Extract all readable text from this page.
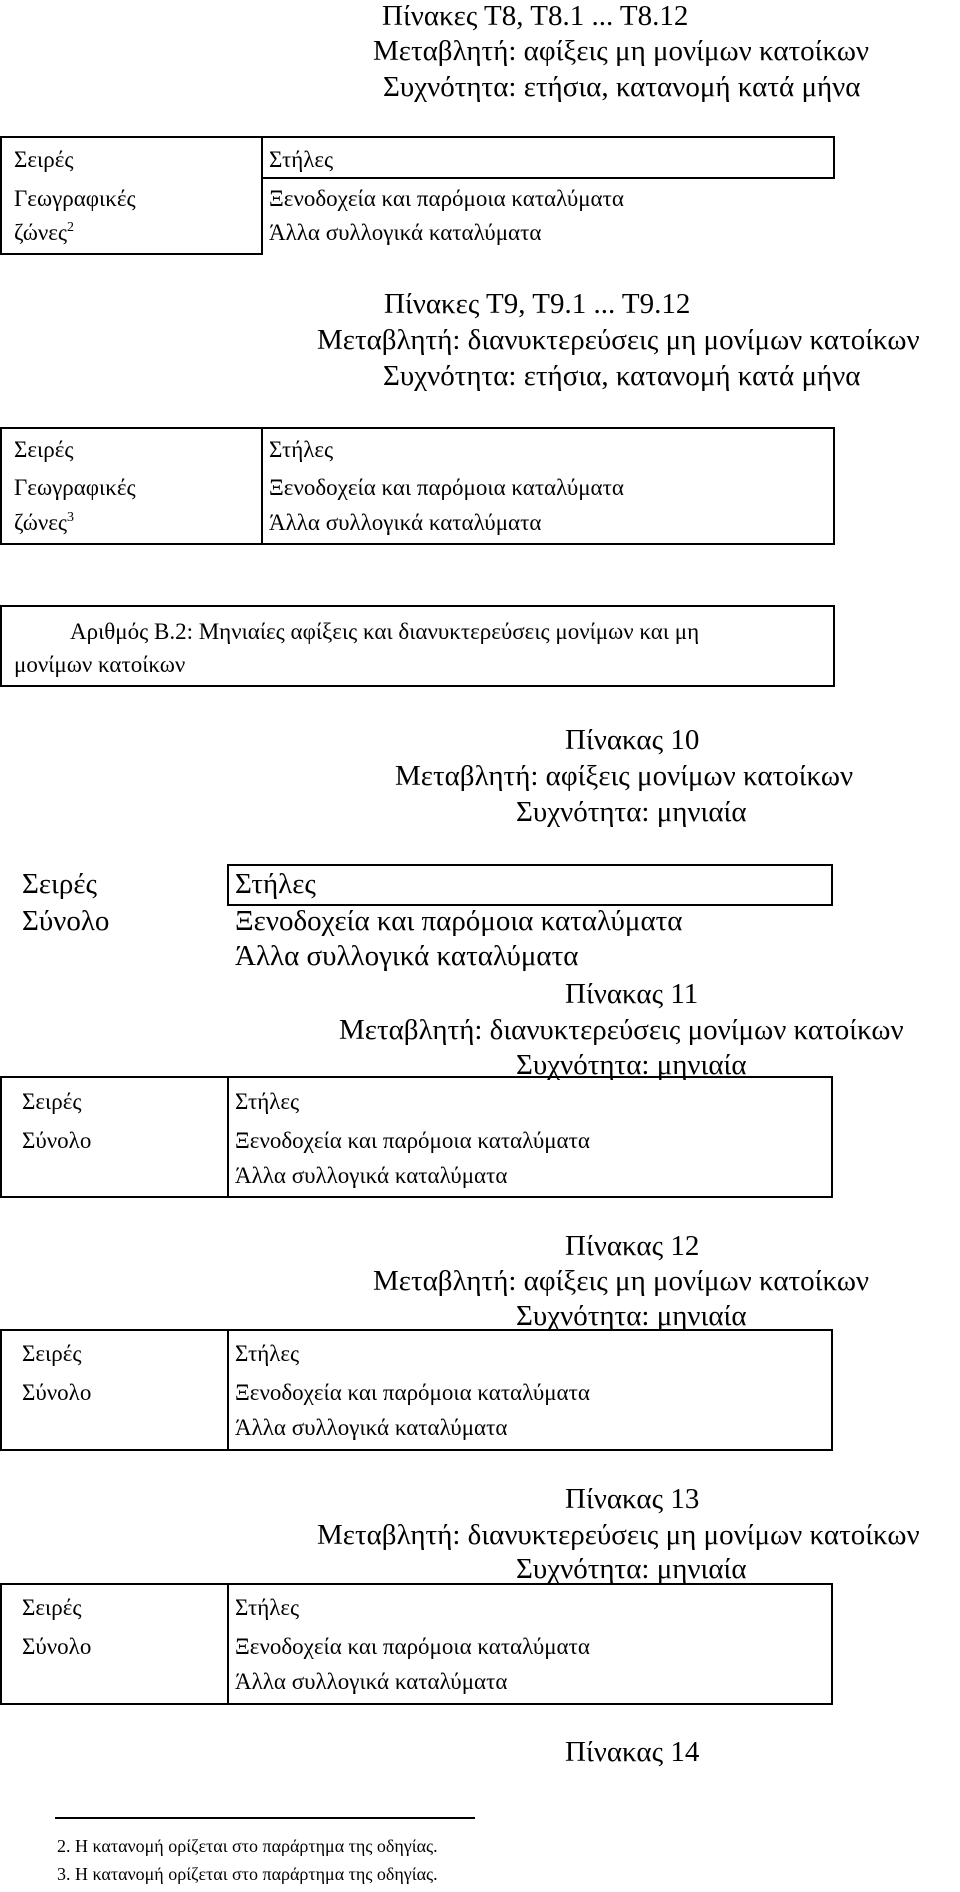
Πίνακες Τ8, Τ8.1 ... Τ8.12
Μεταβλητή: αφίξεις μη μονίμων κατοίκων
Συχνότητα: ετήσια, κατανομή κατά μήνα
Σειρές
Γεωγραφικές
ζώνες$^2$
Στήλες
Ξενοδοχεία και παρόμοια καταλύματα
Άλλα συλλογικά καταλύματα
Πίνακες Τ9, Τ9.1 ... Τ9.12
Μεταβλητή: διανυκτερεύσεις μη μονίμων κατοίκων
Συχνότητα: ετήσια, κατανομή κατά μήνα
Σειρές
Γεωγραφικές
ζώνες$^3$
Στήλες
Ξενοδοχεία και παρόμοια καταλύματα
Άλλα συλλογικά καταλύματα
Αριθμός Β.2: Μηνιαίες αφίξεις και διανυκτερεύσεις μονίμων και μη
μονίμων κατοίκων
Πίνακας 10
Μεταβλητή: αφίξεις μονίμων κατοίκων
Συχνότητα: μηνιαία
Σειρές
Σύνολο
Στήλες
Ξενοδοχεία και παρόμοια καταλύματα
Άλλα συλλογικά καταλύματα
Πίνακας 11
Μεταβλητή: διανυκτερεύσεις μονίμων κατοίκων
Συχνότητα: μηνιαία
Σειρές
Σύνολο
Στήλες
Ξενοδοχεία και παρόμοια καταλύματα
Άλλα συλλογικά καταλύματα
Πίνακας 12
Μεταβλητή: αφίξεις μη μονίμων κατοίκων
Συχνότητα: μηνιαία
Σειρές
Σύνολο
Στήλες
Ξενοδοχεία και παρόμοια καταλύματα
Άλλα συλλογικά καταλύματα
Πίνακας 13
Μεταβλητή: διανυκτερεύσεις μη μονίμων κατοίκων
Συχνότητα: μηνιαία
Σειρές
Σύνολο
Στήλες
Ξενοδοχεία και παρόμοια καταλύματα
Άλλα συλλογικά καταλύματα
Πίνακας 14
2. Η κατανομή ορίζεται στο παράρτημα της οδηγίας.
3. Η κατανομή ορίζεται στο παράρτημα της οδηγίας.
